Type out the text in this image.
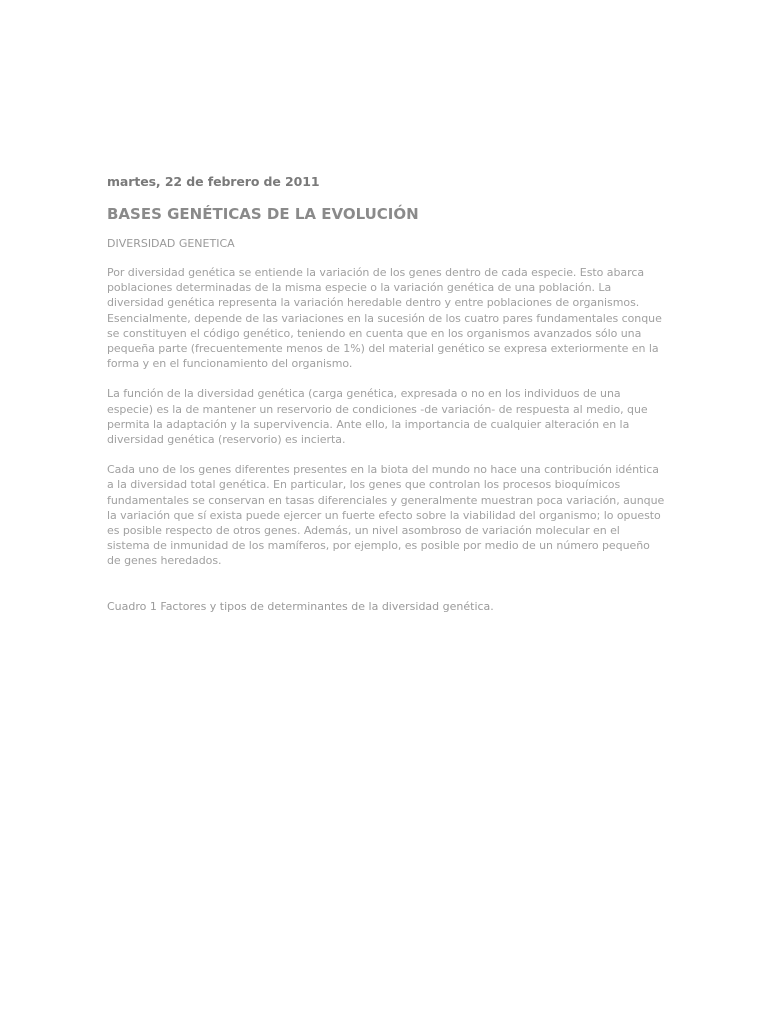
martes, 22 de febrero de 2011
BASES GENÉTICAS DE LA EVOLUCIÓN
DIVERSIDAD GENETICA

Por diversidad genética se entiende la variación de los genes dentro de cada especie. Esto abarca poblaciones determinadas de la misma especie o la variación genética de una población. La diversidad genética representa la variación heredable dentro y entre poblaciones de organismos. Esencialmente, depende de las variaciones en la sucesión de los cuatro pares fundamentales conque se constituyen el código genético, teniendo en cuenta que en los organismos avanzados sólo una pequeña parte (frecuentemente menos de 1%) del material genético se expresa exteriormente en la forma y en el funcionamiento del organismo.

La función de la diversidad genética (carga genética, expresada o no en los individuos de una especie) es la de mantener un reservorio de condiciones -de variación- de respuesta al medio, que permita la adaptación y la supervivencia. Ante ello, la importancia de cualquier alteración en la diversidad genética (reservorio) es incierta.

Cada uno de los genes diferentes presentes en la biota del mundo no hace una contribución idéntica a la diversidad total genética. En particular, los genes que controlan los procesos bioquímicos fundamentales se conservan en tasas diferenciales y generalmente muestran poca variación, aunque la variación que sí exista puede ejercer un fuerte efecto sobre la viabilidad del organismo; lo opuesto es posible respecto de otros genes. Además, un nivel asombroso de variación molecular en el sistema de inmunidad de los mamíferos, por ejemplo, es posible por medio de un número pequeño de genes heredados.

Cuadro 1 Factores y tipos de determinantes de la diversidad genética.
